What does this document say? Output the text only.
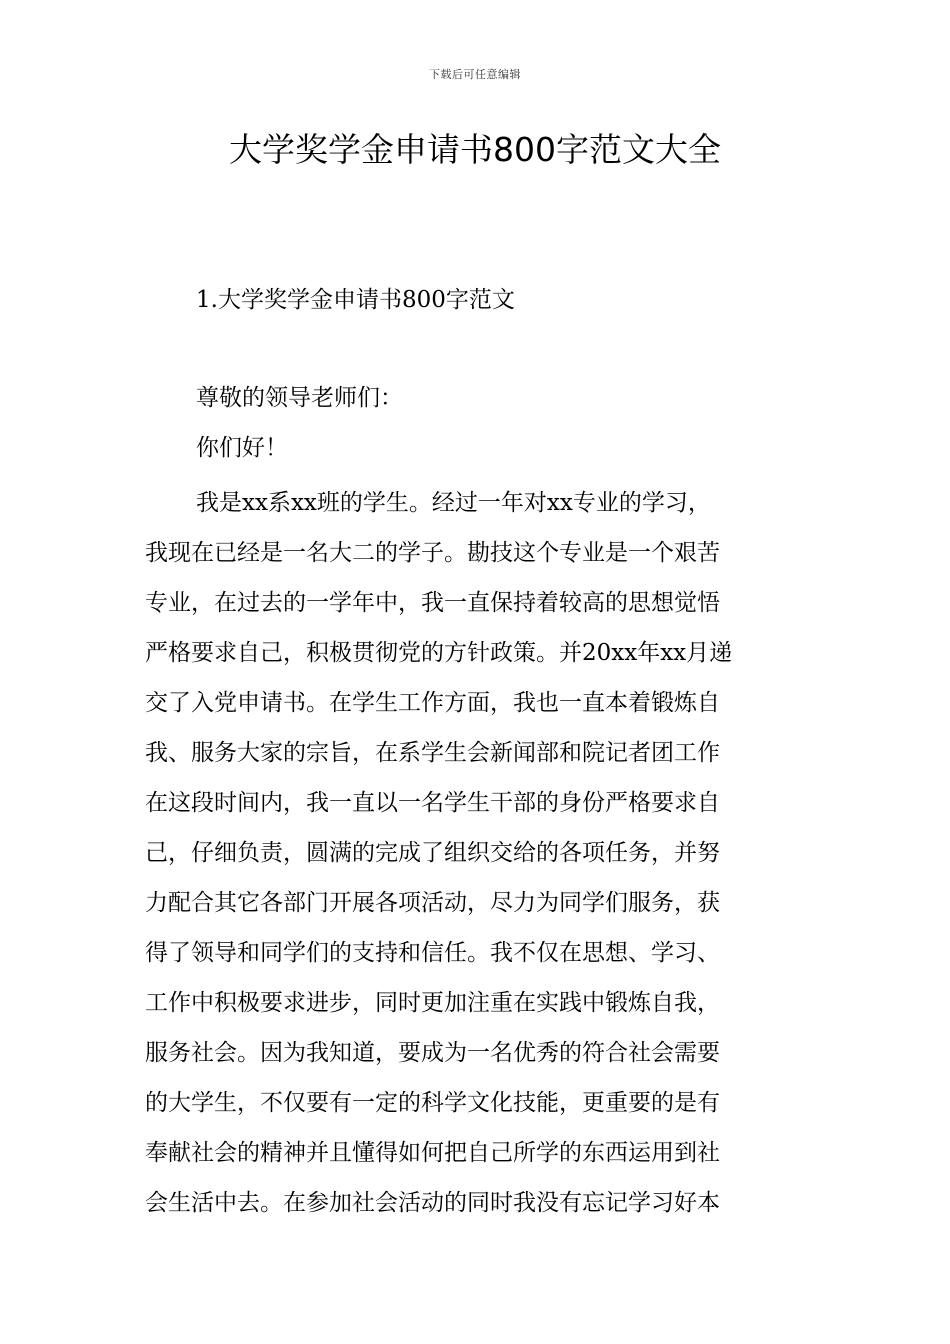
下载后可任意编辑
大学奖学金申请书800字范文大全
1.大学奖学金申请书800字范文
尊敬的领导老师们：
你们好！
我是xx系xx班的学生。经过一年对xx专业的学习，
我现在已经是一名大二的学子。勘技这个专业是一个艰苦
专业，在过去的一学年中，我一直保持着较高的思想觉悟
严格要求自己，积极贯彻党的方针政策。并20xx年xx月递
交了入党申请书。在学生工作方面，我也一直本着锻炼自
我、服务大家的宗旨，在系学生会新闻部和院记者团工作
在这段时间内，我一直以一名学生干部的身份严格要求自
己，仔细负责，圆满的完成了组织交给的各项任务，并努
力配合其它各部门开展各项活动，尽力为同学们服务，获
得了领导和同学们的支持和信任。我不仅在思想、学习、
工作中积极要求进步，同时更加注重在实践中锻炼自我，
服务社会。因为我知道，要成为一名优秀的符合社会需要
的大学生，不仅要有一定的科学文化技能，更重要的是有
奉献社会的精神并且懂得如何把自己所学的东西运用到社
会生活中去。在参加社会活动的同时我没有忘记学习好本
